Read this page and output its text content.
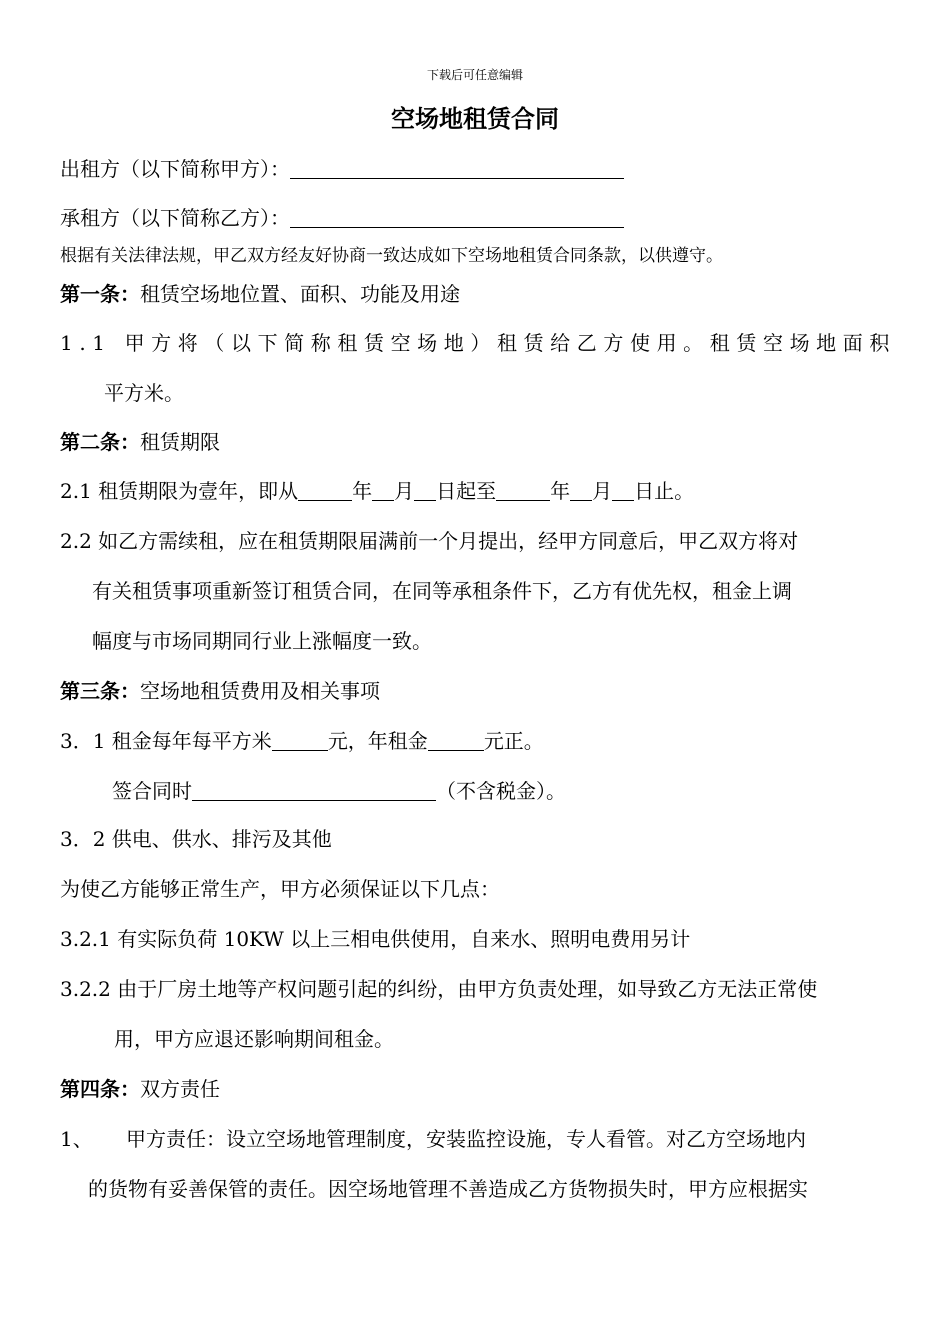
下载后可任意编辑
空场地租赁合同
出租方（以下简称甲方）：
承租方（以下简称乙方）：
根据有关法律法规，甲乙双方经友好协商一致达成如下空场地租赁合同条款，以供遵守。
第一条：租赁空场地位置、面积、功能及用途
1.1 甲方将（以下简称租赁空场地）租赁给乙方使用。租赁空场地面积
平方米。
第二条：租赁期限
2.1 租赁期限为壹年，即从	年 月 日起至	年 月 日止。
2.2 如乙方需续租，应在租赁期限届满前一个月提出，经甲方同意后，甲乙双方将对
有关租赁事项重新签订租赁合同，在同等承租条件下，乙方有优先权，租金上调
幅度与市场同期同行业上涨幅度一致。
第三条：空场地租赁费用及相关事项
3．1 租金每年每平方米	元，年租金	元正。
签合同时	（不含税金）。
3．2 供电、供水、排污及其他
为使乙方能够正常生产，甲方必须保证以下几点：
3.2.1 有实际负荷 10KW 以上三相电供使用，自来水、照明电费用另计
3.2.2 由于厂房土地等产权问题引起的纠纷，由甲方负责处理，如导致乙方无法正常使
用，甲方应退还影响期间租金。
第四条：双方责任
1、 甲方责任：设立空场地管理制度，安装监控设施，专人看管。对乙方空场地内
的货物有妥善保管的责任。因空场地管理不善造成乙方货物损失时，甲方应根据实
